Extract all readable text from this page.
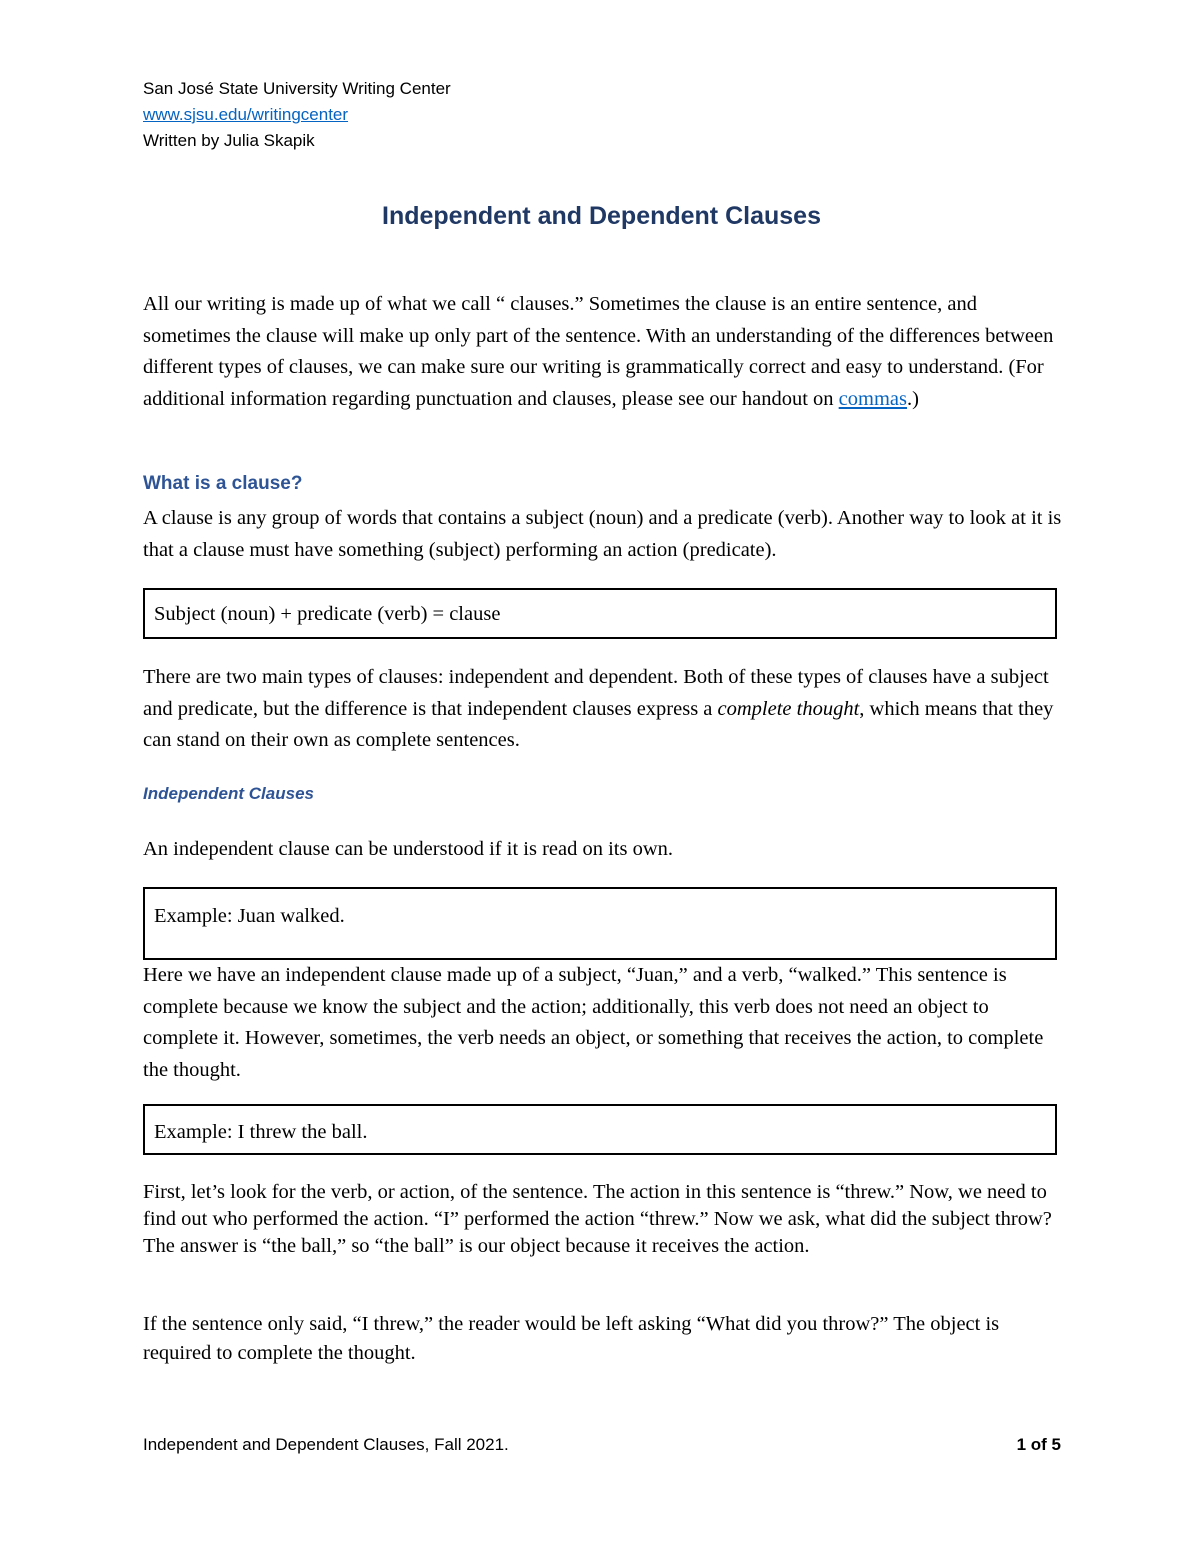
San José State University Writing Center
www.sjsu.edu/writingcenter
Written by Julia Skapik
Independent and Dependent Clauses

All our writing is made up of what we call “ clauses.” Sometimes the clause is an entire sentence, and sometimes the clause will make up only part of the sentence. With an understanding of the differences between different types of clauses, we can make sure our writing is grammatically correct and easy to understand. (For additional information regarding punctuation and clauses, please see our handout on commas.)

What is a clause?

A clause is any group of words that contains a subject (noun) and a predicate (verb). Another way to look at it is that a clause must have something (subject) performing an action (predicate).

Subject (noun) + predicate (verb) = clause

There are two main types of clauses: independent and dependent. Both of these types of clauses have a subject and predicate, but the difference is that independent clauses express a complete thought, which means that they can stand on their own as complete sentences.

Independent Clauses

An independent clause can be understood if it is read on its own.

Example: Juan walked.

Here we have an independent clause made up of a subject, “Juan,” and a verb, “walked.” This sentence is complete because we know the subject and the action; additionally, this verb does not need an object to complete it. However, sometimes, the verb needs an object, or something that receives the action, to complete the thought.

Example: I threw the ball.

First, let’s look for the verb, or action, of the sentence. The action in this sentence is “threw.” Now, we need to find out who performed the action. “I” performed the action “threw.” Now we ask, what did the subject throw? The answer is “the ball,” so “the ball” is our object because it receives the action.

If the sentence only said, “I threw,” the reader would be left asking “What did you throw?” The object is required to complete the thought.

Independent and Dependent Clauses, Fall 2021.	1 of 5
